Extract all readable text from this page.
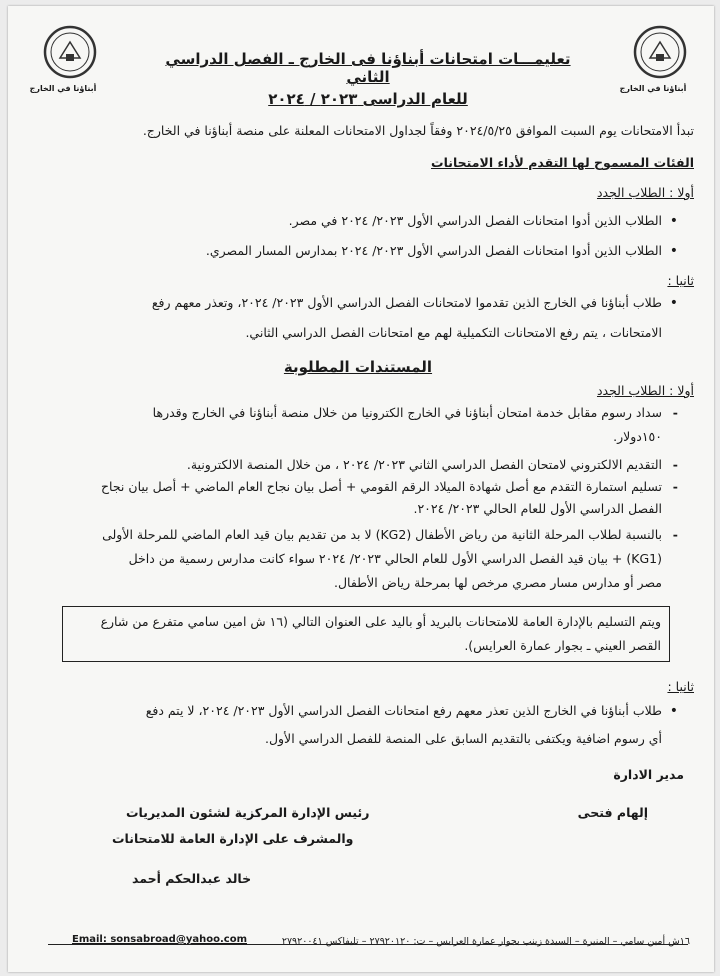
أبناؤنا في الخارج
أبناؤنا في الخارج
تعليمـــات امتحانات أبناؤنا فى الخارج ـ الفصل الدراسي الثاني
للعام الدراسى ٢٠٢٣ / ٢٠٢٤
تبدأ الامتحانات يوم السبت الموافق ٢٠٢٤/٥/٢٥ وفقاً لجداول الامتحانات المعلنة على منصة أبناؤنا في الخارج.
الفئات المسموح لها التقدم لأداء الامتحانات
أولا : الطلاب الجدد
• الطلاب الذين أدوا امتحانات الفصل الدراسي الأول ٢٠٢٣/ ٢٠٢٤ في مصر.
• الطلاب الذين أدوا امتحانات الفصل الدراسي الأول ٢٠٢٣/ ٢٠٢٤ بمدارس المسار المصري.
ثانيا :
• طلاب أبناؤنا في الخارج الذين تقدموا لامتحانات الفصل الدراسي الأول ٢٠٢٣/ ٢٠٢٤، وتعذر معهم رفع
الامتحانات ، يتم رفع الامتحانات التكميلية لهم مع امتحانات الفصل الدراسي الثاني.
المستندات المطلوبة
أولا : الطلاب الجدد
- سداد رسوم مقابل خدمة امتحان أبناؤنا في الخارج الكترونيا من خلال منصة أبناؤنا في الخارج وقدرها
١٥٠دولار.
- التقديم الالكتروني لامتحان الفصل الدراسي الثاني ٢٠٢٣/ ٢٠٢٤ ، من خلال المنصة الالكترونية.
- تسليم استمارة التقدم مع أصل شهادة الميلاد الرقم القومي + أصل بيان نجاح العام الماضي + أصل بيان نجاح
الفصل الدراسي الأول للعام الحالي ٢٠٢٣/ ٢٠٢٤.
- بالنسبة لطلاب المرحلة الثانية من رياض الأطفال (KG2) لا بد من تقديم بيان قيد العام الماضي للمرحلة الأولى
(KG1) + بيان قيد الفصل الدراسي الأول للعام الحالي ٢٠٢٣/ ٢٠٢٤ سواء كانت مدارس رسمية من داخل
مصر أو مدارس مسار مصري مرخص لها بمرحلة رياض الأطفال.
ويتم التسليم بالإدارة العامة للامتحانات بالبريد أو باليد على العنوان التالي (١٦ ش امين سامي متفرع من شارع
القصر العيني ـ بجوار عمارة العرايس).
ثانيا :
• طلاب أبناؤنا في الخارج الذين تعذر معهم رفع امتحانات الفصل الدراسي الأول ٢٠٢٣/ ٢٠٢٤، لا يتم دفع
أي رسوم اضافية ويكتفى بالتقديم السابق على المنصة للفصل الدراسي الأول.
مدير الادارة
إلهام فتحى
رئيس الإدارة المركزية لشئون المديريات
والمشرف على الإدارة العامة للامتحانات
خالد عبدالحكم أحمد
١٦ش أمين سامي – المنيرة – السيدة زينب بجوار عمارة العرايس – ت: ٢٧٩٢٠١٢٠ – تليفاكس ٢٧٩٢٠٠٤١
Email: sonsabroad@yahoo.com
